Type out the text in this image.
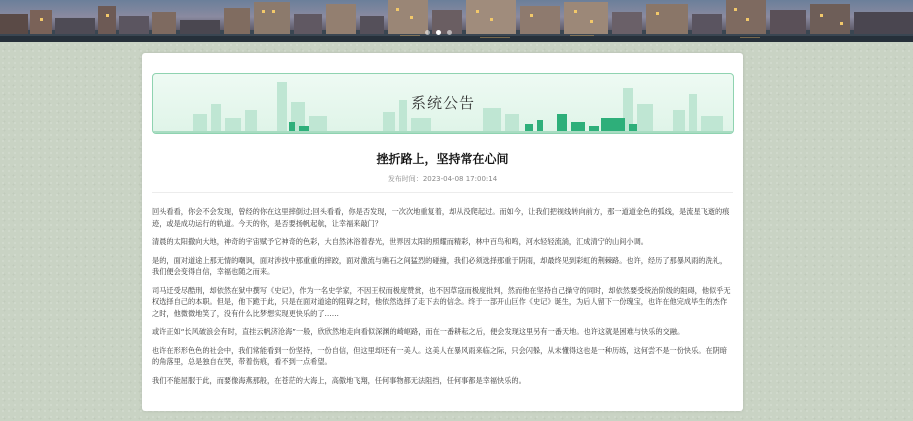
系统公告
挫折路上，坚持常在心间
发布时间：2023-04-08 17:00:14

回头看看，你会不会发现，曾经的你在这里摔倒过;回头看看，你是否发现，一次次地重复着，却从没爬起过。而如今，让我们把视线转向前方，那一道道金色的弧线，是流星飞逝的痕迹，或是成功运行的轨道。今天的你，是否要扬帆起航，让幸福来敲门？

清晨的太阳撒向大地，神奇的宇宙赋予它神奇的色彩，大自然沐浴着春光，世界因太阳的照耀而精彩，林中百鸟和鸣，河水轻轻流淌，汇成清宁的山间小调。

是的，面对道途上那无情的嘲讽，面对涉找中那重重的摔跤，面对激流与礁石之间猛烈的碰撞，我们必须选择那重于阴雨，却最终见到彩虹的荆棘路。也许，经历了那暴风雨的洗礼，我们便会变得自信，幸福也随之而来。

司马迁受尽酷刑，却依然在狱中撰写《史记》，作为一名史学家，不因王权而极度赞赏，也不因草寇而极度批判，然而他在坚持自己操守的同时，却依然要受统治阶级的阻碍，他似乎无权选择自己的本职。但是，他下跪于此，只是在面对道途的阻碍之时，他依然选择了走下去的信念。终于一部开山巨作《史记》诞生，为后人留下一份瑰宝，也许在他完成毕生的杰作之时，他微微地笑了，没有什么比梦想实现更快乐的了……

或许正如“长风破浪会有时，直挂云帆济沧海”一般，欣欣然地走向看似深渊的崎岖路，而在一番耕耘之后，便会发现这里另有一番天地。也许这就是困难与快乐的交融。

也许在形形色色的社会中，我们常能看到一份坚持，一份自信，但这里却还有一美人。这美人在暴风雨来临之际，只会闪躲，从未懂得这也是一种历练，这何尝不是一份快乐。在阴暗的角落里，总是独自在哭，带着伤痕，看不到一点希望。

我们不能屈服于此，而要像海燕那般，在苍茫的大海上，高傲地飞翔，任何事物都无法阻挡，任何事都是幸福快乐的。
